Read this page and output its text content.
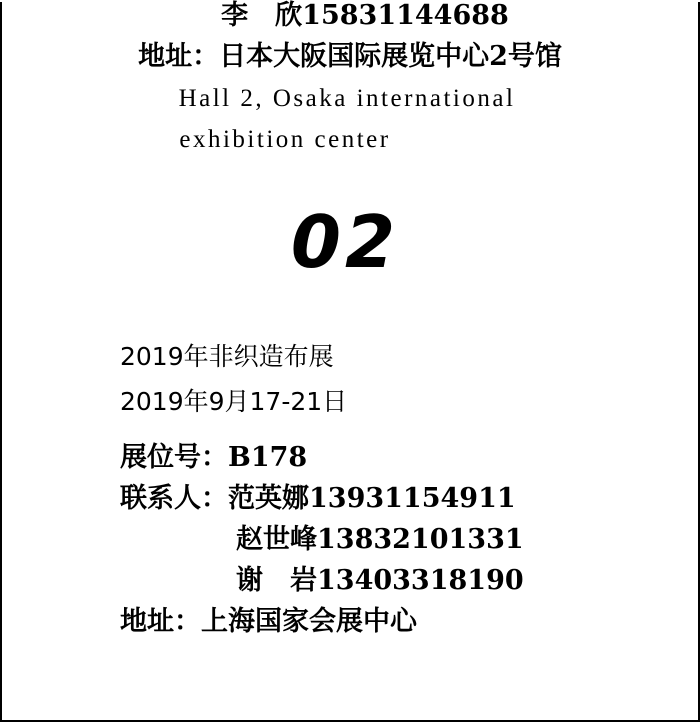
李　欣15831144688
地址：日本大阪国际展览中心2号馆
Hall 2, Osaka international
exhibition center
02
2019年非织造布展
2019年9月17-21日
展位号：B178
联系人：范英娜13931154911
赵世峰13832101331
谢　岩13403318190
地址：上海国家会展中心
